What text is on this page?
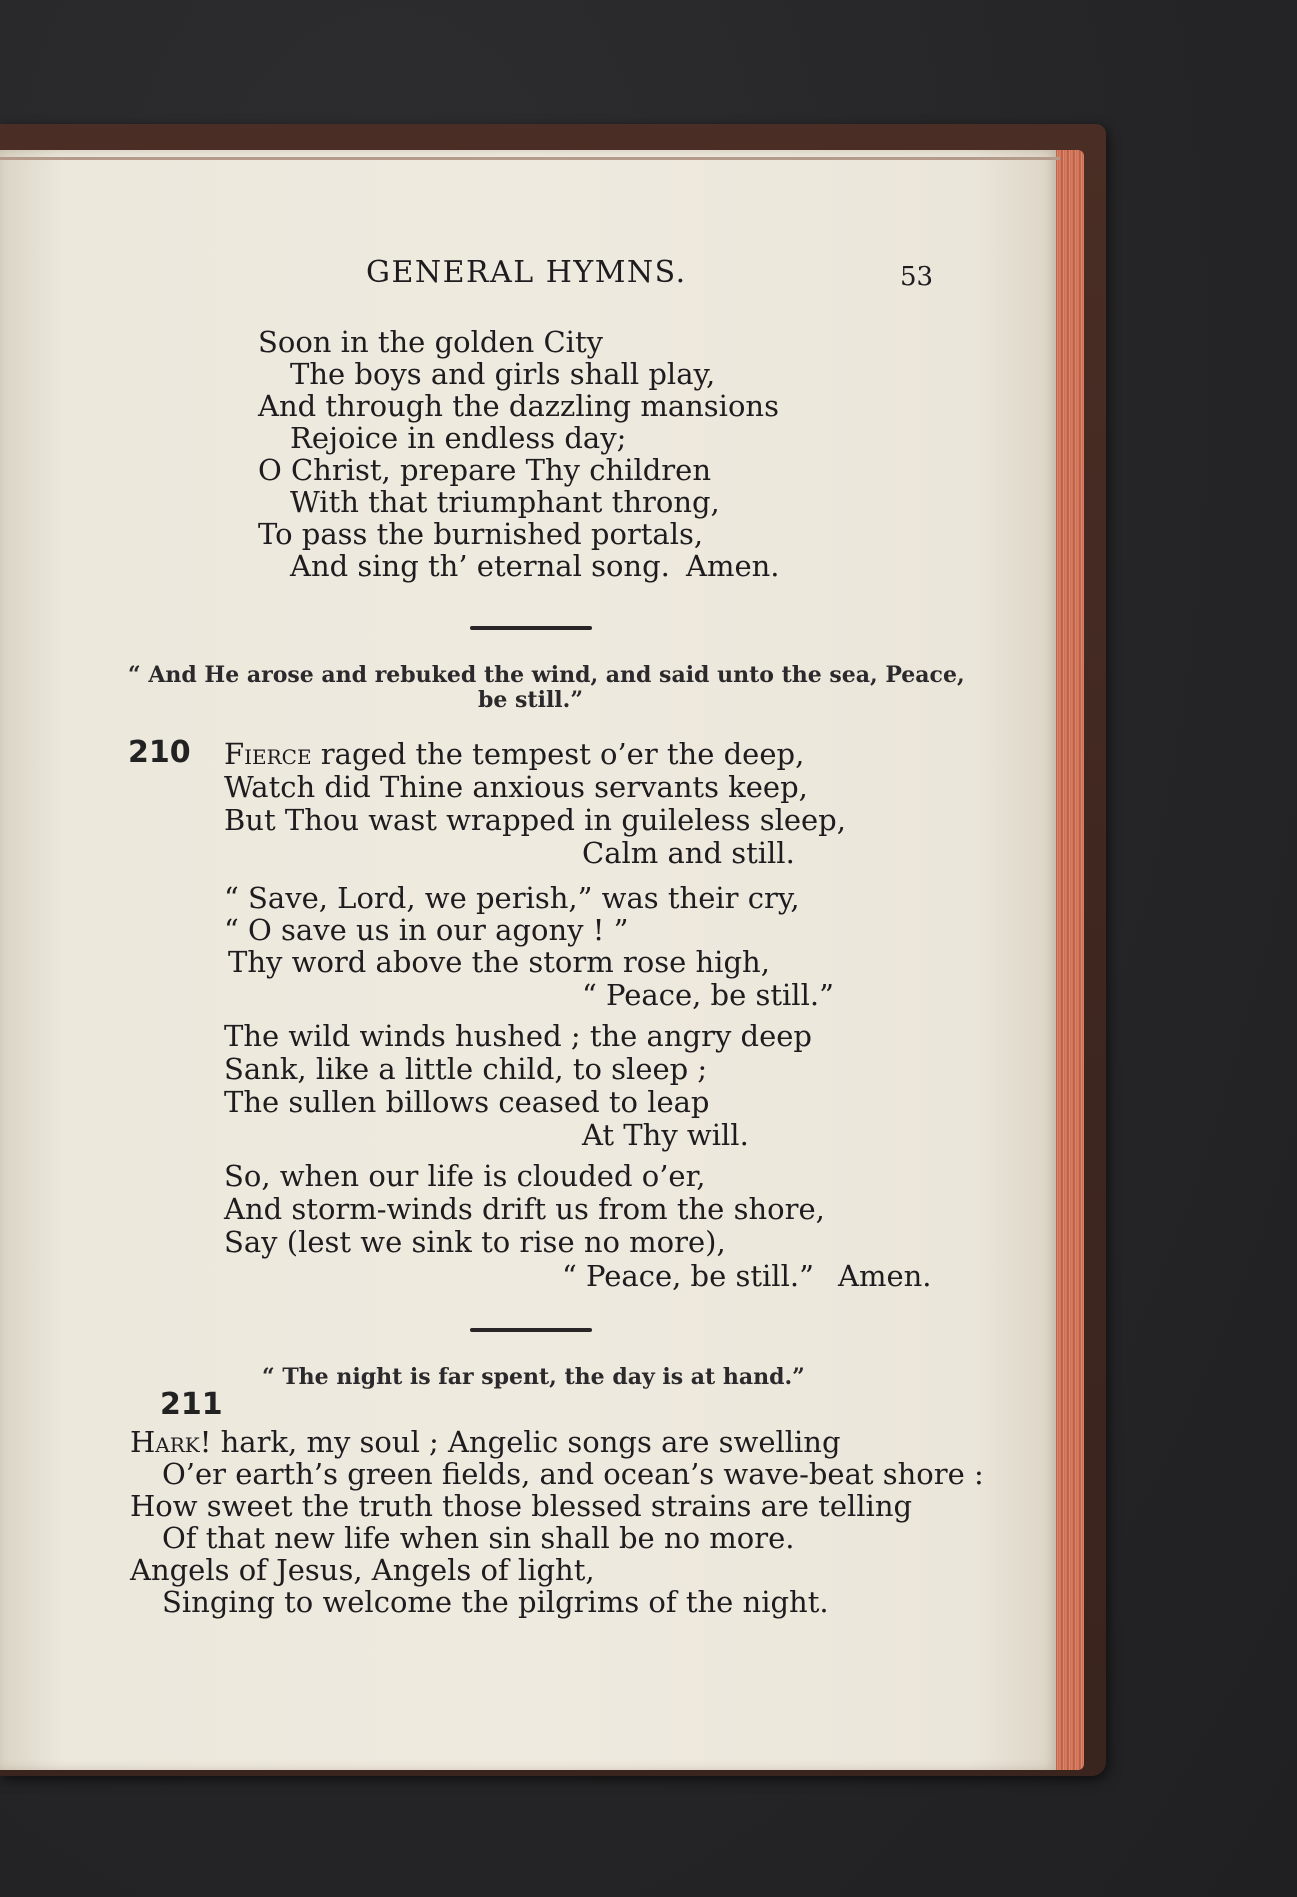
GENERAL HYMNS.	53

Soon in the golden City

The boys and girls shall play,

And through the dazzling mansions

Rejoice in endless day;

O Christ, prepare Thy children

With that triumphant throng,

To pass the burnished portals,

And sing th’ eternal song. Amen.

“ And He arose and rebuked the wind, and said unto the sea, Peace,

be still.”

210 Fierce raged the tempest o’er the deep,

Watch did Thine anxious servants keep,

But Thou wast wrapped in guileless sleep,

Calm and still.

“ Save, Lord, we perish,” was their cry,

“ O save us in our agony ! ”

Thy word above the storm rose high,

“ Peace, be still.”

The wild winds hushed ; the angry deep

Sank, like a little child, to sleep ;

The sullen billows ceased to leap

At Thy will.

So, when our life is clouded o’er,

And storm-winds drift us from the shore,

Say (lest we sink to rise no more),

“ Peace, be still.” Amen.

“ The night is far spent, the day is at hand.”

211

Hark! hark, my soul ; Angelic songs are swelling

O’er earth’s green fields, and ocean’s wave-beat shore :

How sweet the truth those blessed strains are telling

Of that new life when sin shall be no more.

Angels of Jesus, Angels of light,

Singing to welcome the pilgrims of the night.
